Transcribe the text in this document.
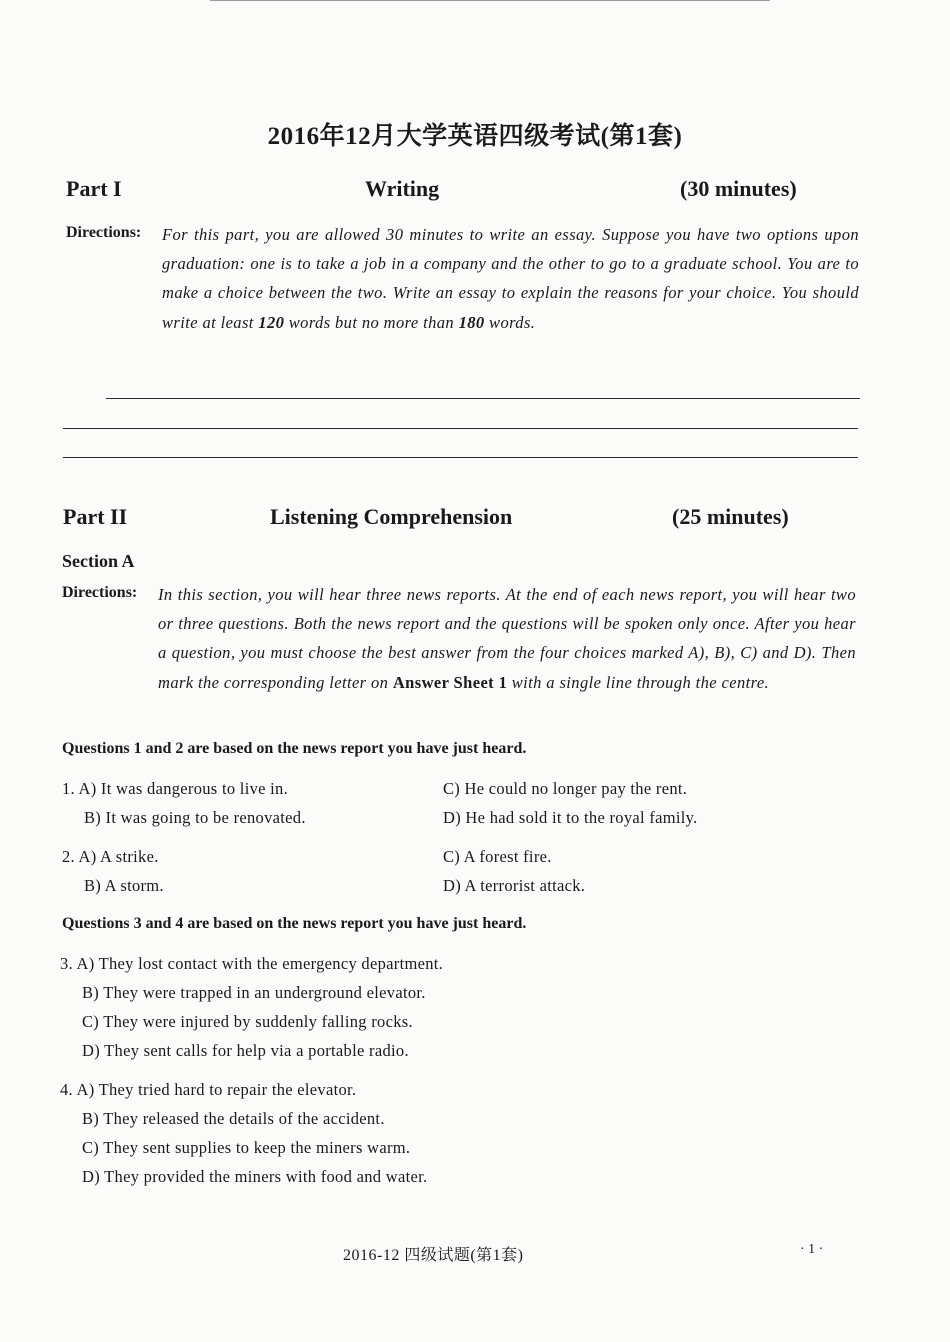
2016年12月大学英语四级考试(第1套)
Part I	Writing	(30 minutes)
Directions: For this part, you are allowed 30 minutes to write an essay. Suppose you have two options upon graduation: one is to take a job in a company and the other to go to a graduate school. You are to make a choice between the two. Write an essay to explain the reasons for your choice. You should write at least 120 words but no more than 180 words.
Part II	Listening Comprehension	(25 minutes)
Section A
Directions: In this section, you will hear three news reports. At the end of each news report, you will hear two or three questions. Both the news report and the questions will be spoken only once. After you hear a question, you must choose the best answer from the four choices marked A), B), C) and D). Then mark the corresponding letter on Answer Sheet 1 with a single line through the centre.
Questions 1 and 2 are based on the news report you have just heard.
1. A) It was dangerous to live in.
B) It was going to be renovated.
C) He could no longer pay the rent.
D) He had sold it to the royal family.
2. A) A strike.
B) A storm.
C) A forest fire.
D) A terrorist attack.
Questions 3 and 4 are based on the news report you have just heard.
3. A) They lost contact with the emergency department.
B) They were trapped in an underground elevator.
C) They were injured by suddenly falling rocks.
D) They sent calls for help via a portable radio.
4. A) They tried hard to repair the elevator.
B) They released the details of the accident.
C) They sent supplies to keep the miners warm.
D) They provided the miners with food and water.
2016-12 四级试题(第1套)	· 1 ·
